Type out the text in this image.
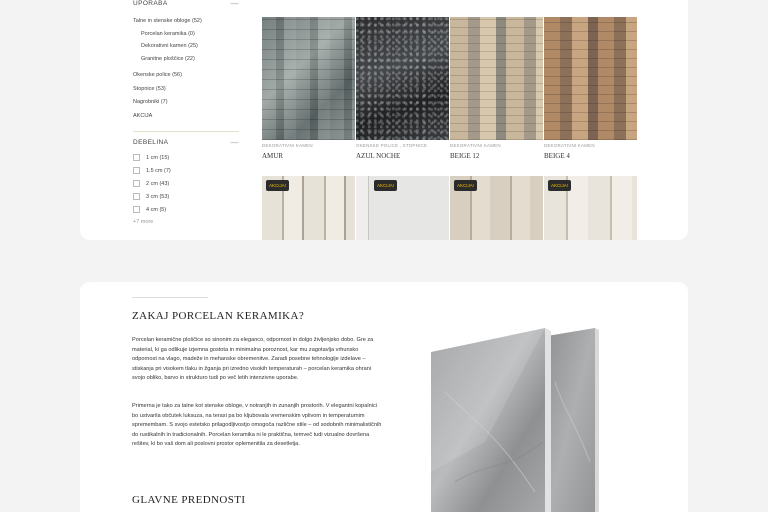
UPORABA	—
Talne in stenske obloge (52)
Porcelan keramika (0)
Dekorativni kamen (25)
Granitne ploščice (22)
Okenske police (56)
Stopnice (53)
Nagrobniki (7)
AKCIJA
DEBELINA	—
1 cm (15)
1.5 cm (7)
2 cm (43)
3 cm (53)
4 cm (5)
+7 more
DEKORATIVNI KAMEN
AMUR
OKENSKE POLICE , STOPNICE
AZUL NOCHE
DEKORATIVNI KAMEN
BEIGE 12
DEKORATIVNI KAMEN
BEIGE 4
AKCIJA!	AKCIJA!	AKCIJA!	AKCIJA!
ZAKAJ PORCELAN KERAMIKA?
Porcelan keramične ploščice so sinonim za eleganco, odpornost in dolgo življenjsko dobo. Gre za material, ki ga odlikuje izjemna gostota in minimalna poroznost, kar mu zagotavlja vrhunsko odpornost na vlago, madeže in mehanske obremenitve. Zaradi posebne tehnologije izdelave – stiskanja pri visokem tlaku in žganja pri izredno visokih temperaturah – porcelan keramika ohrani svojo obliko, barvo in strukturo tudi po več letih intenzivne uporabe.
Primerna je tako za talne kot stenske obloge, v notranjih in zunanjih prostorih. V elegantni kopalnici bo ustvarila občutek luksuza, na terasi pa bo kljubovala vremenskim vplivom in temperaturnim spremembam. S svojo estetsko prilagodljivostjo omogoča različne stile – od sodobnih minimalističnih do rustikalnih in tradicionalnih. Porcelan keramika ni le praktična, temveč tudi vizualno dovršena rešitev, ki bo vaš dom ali poslovni prostor oplemenitila za desetletja.
GLAVNE PREDNOSTI
